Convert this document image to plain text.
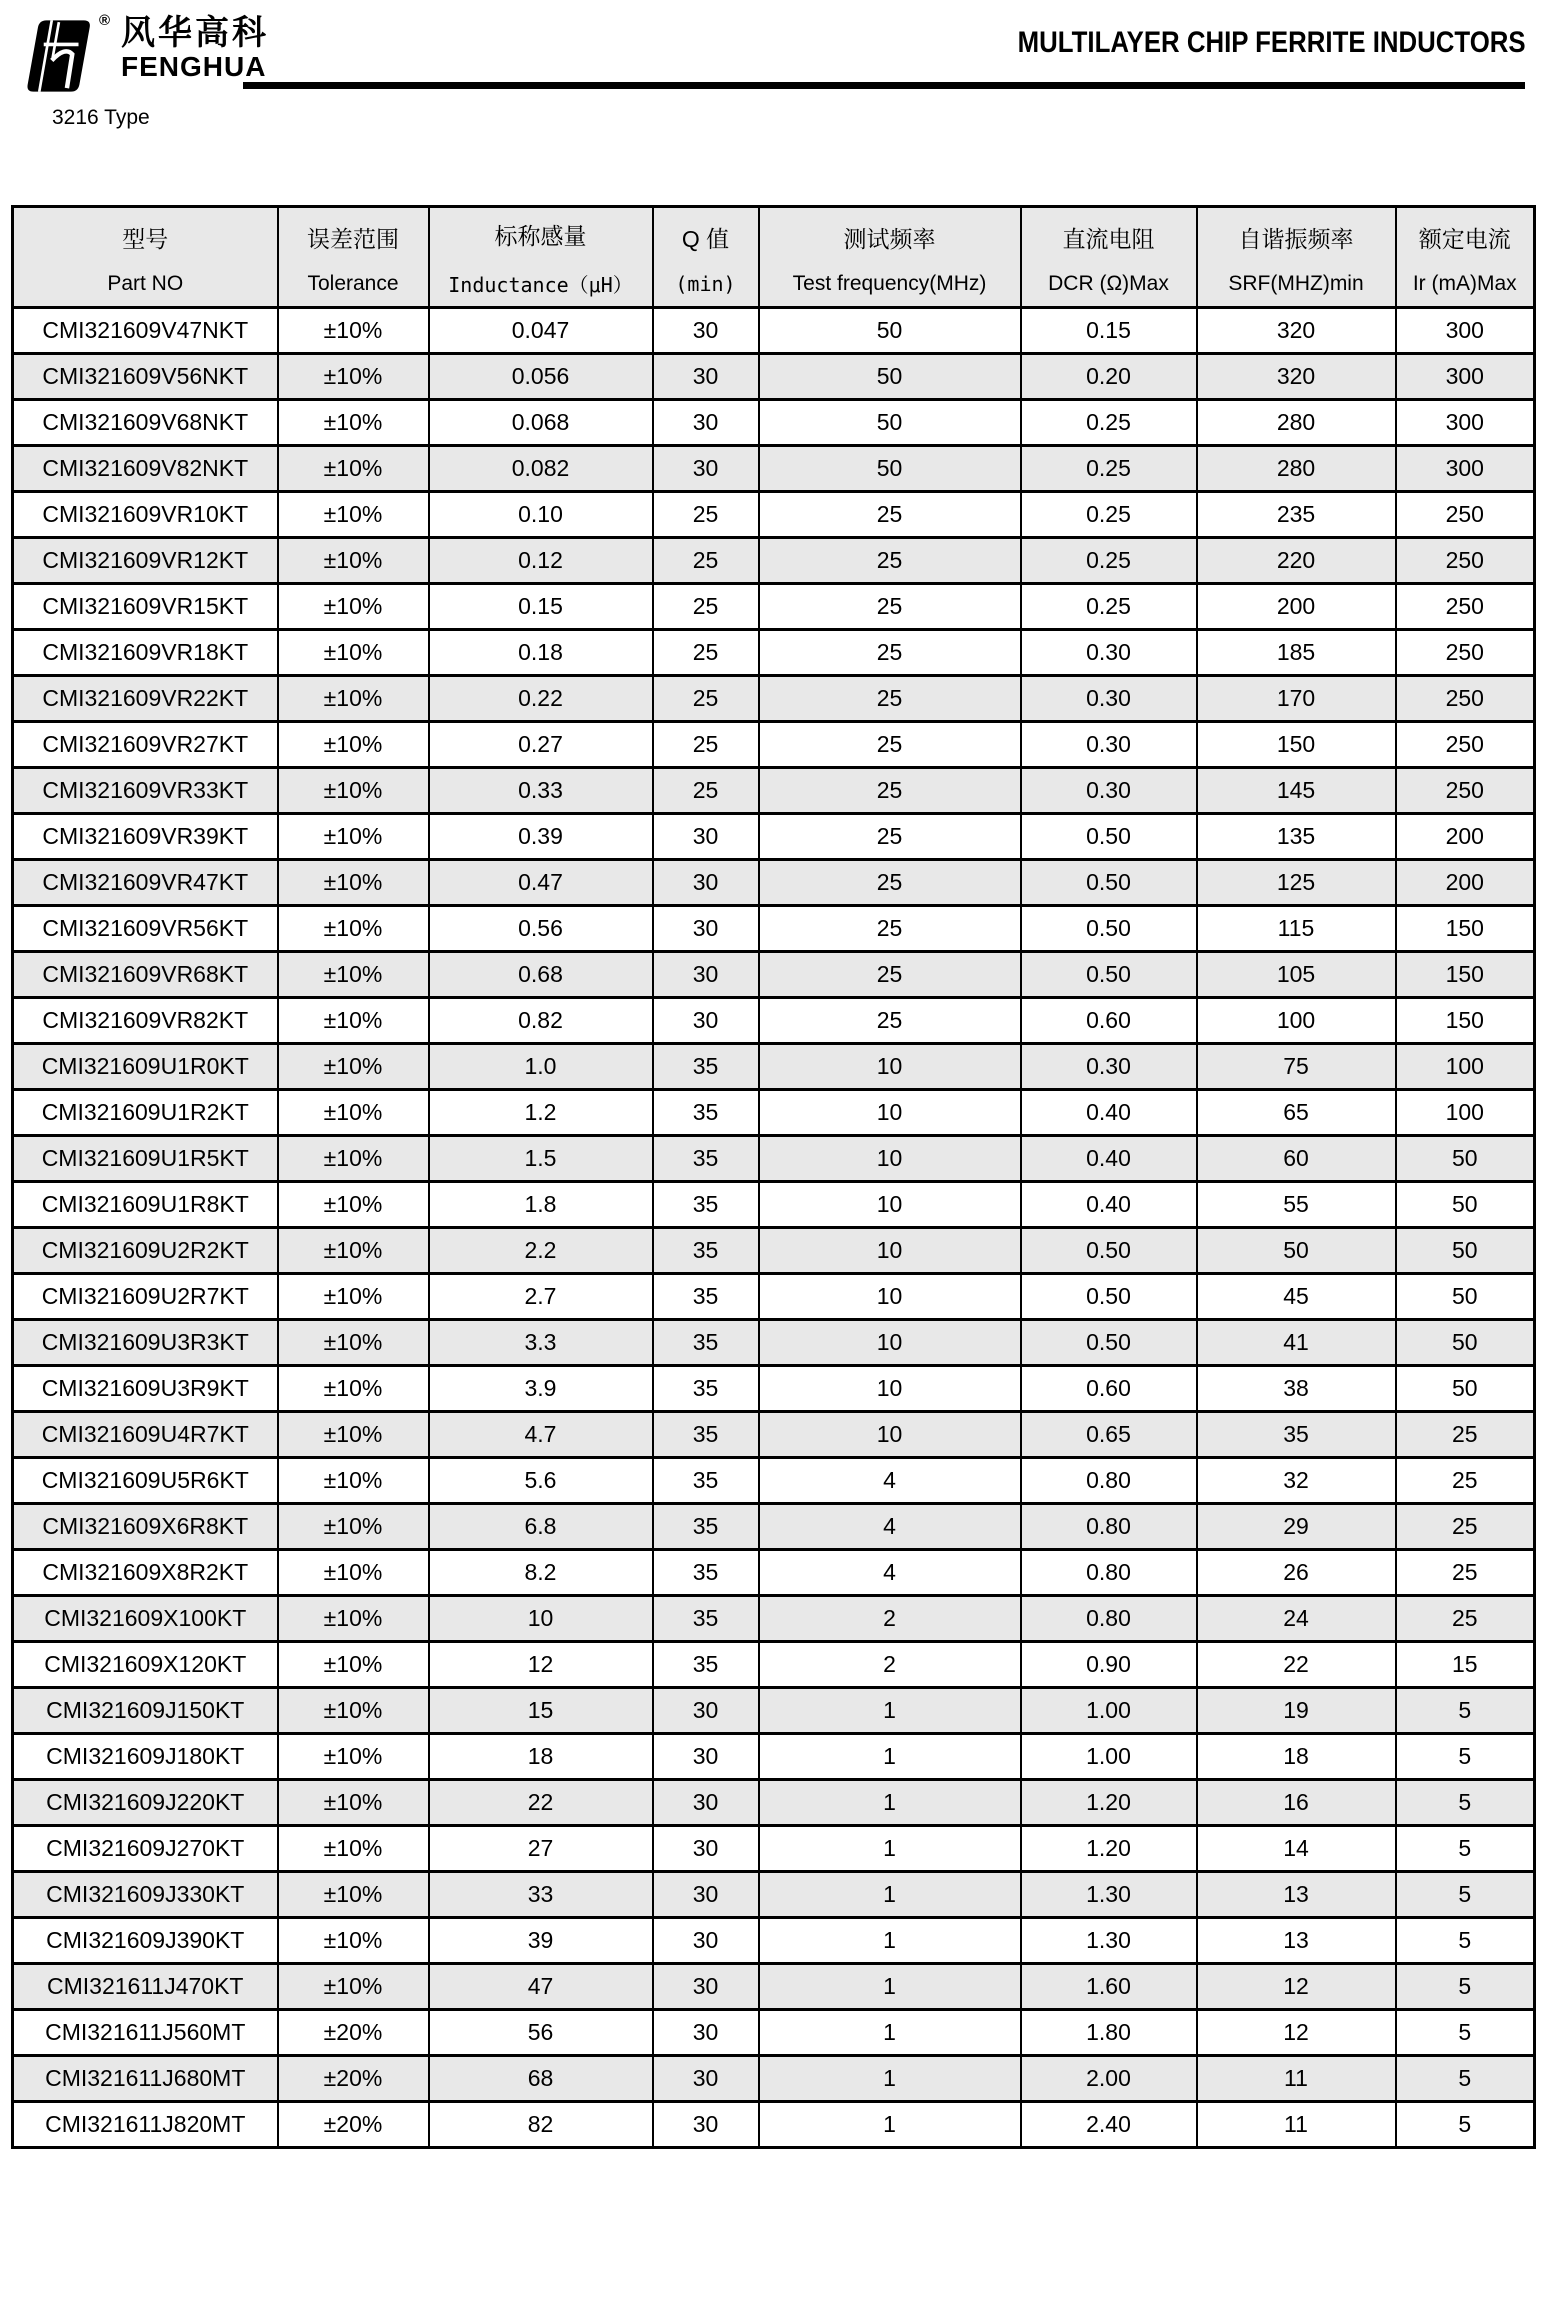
® 风华高科
FENGHUA
MULTILAYER CHIP FERRITE INDUCTORS
3216 Type
型号
Part NO

误差范围
Tolerance

标称感量
Inductance（μH）

Q 值
(min)

测试频率
Test frequency(MHz)

直流电阻
DCR (Ω)Max

自谐振频率
SRF(MHZ)min

额定电流
Ir (mA)Max

CMI321609V47NKT	±10%	0.047	30	50	0.15	320	300
CMI321609V56NKT	±10%	0.056	30	50	0.20	320	300
CMI321609V68NKT	±10%	0.068	30	50	0.25	280	300
CMI321609V82NKT	±10%	0.082	30	50	0.25	280	300
CMI321609VR10KT	±10%	0.10	25	25	0.25	235	250
CMI321609VR12KT	±10%	0.12	25	25	0.25	220	250
CMI321609VR15KT	±10%	0.15	25	25	0.25	200	250
CMI321609VR18KT	±10%	0.18	25	25	0.30	185	250
CMI321609VR22KT	±10%	0.22	25	25	0.30	170	250
CMI321609VR27KT	±10%	0.27	25	25	0.30	150	250
CMI321609VR33KT	±10%	0.33	25	25	0.30	145	250
CMI321609VR39KT	±10%	0.39	30	25	0.50	135	200
CMI321609VR47KT	±10%	0.47	30	25	0.50	125	200
CMI321609VR56KT	±10%	0.56	30	25	0.50	115	150
CMI321609VR68KT	±10%	0.68	30	25	0.50	105	150
CMI321609VR82KT	±10%	0.82	30	25	0.60	100	150
CMI321609U1R0KT	±10%	1.0	35	10	0.30	75	100
CMI321609U1R2KT	±10%	1.2	35	10	0.40	65	100
CMI321609U1R5KT	±10%	1.5	35	10	0.40	60	50
CMI321609U1R8KT	±10%	1.8	35	10	0.40	55	50
CMI321609U2R2KT	±10%	2.2	35	10	0.50	50	50
CMI321609U2R7KT	±10%	2.7	35	10	0.50	45	50
CMI321609U3R3KT	±10%	3.3	35	10	0.50	41	50
CMI321609U3R9KT	±10%	3.9	35	10	0.60	38	50
CMI321609U4R7KT	±10%	4.7	35	10	0.65	35	25
CMI321609U5R6KT	±10%	5.6	35	4	0.80	32	25
CMI321609X6R8KT	±10%	6.8	35	4	0.80	29	25
CMI321609X8R2KT	±10%	8.2	35	4	0.80	26	25
CMI321609X100KT	±10%	10	35	2	0.80	24	25
CMI321609X120KT	±10%	12	35	2	0.90	22	15
CMI321609J150KT	±10%	15	30	1	1.00	19	5
CMI321609J180KT	±10%	18	30	1	1.00	18	5
CMI321609J220KT	±10%	22	30	1	1.20	16	5
CMI321609J270KT	±10%	27	30	1	1.20	14	5
CMI321609J330KT	±10%	33	30	1	1.30	13	5
CMI321609J390KT	±10%	39	30	1	1.30	13	5
CMI321611J470KT	±10%	47	30	1	1.60	12	5
CMI321611J560MT	±20%	56	30	1	1.80	12	5
CMI321611J680MT	±20%	68	30	1	2.00	11	5
CMI321611J820MT	±20%	82	30	1	2.40	11	5
